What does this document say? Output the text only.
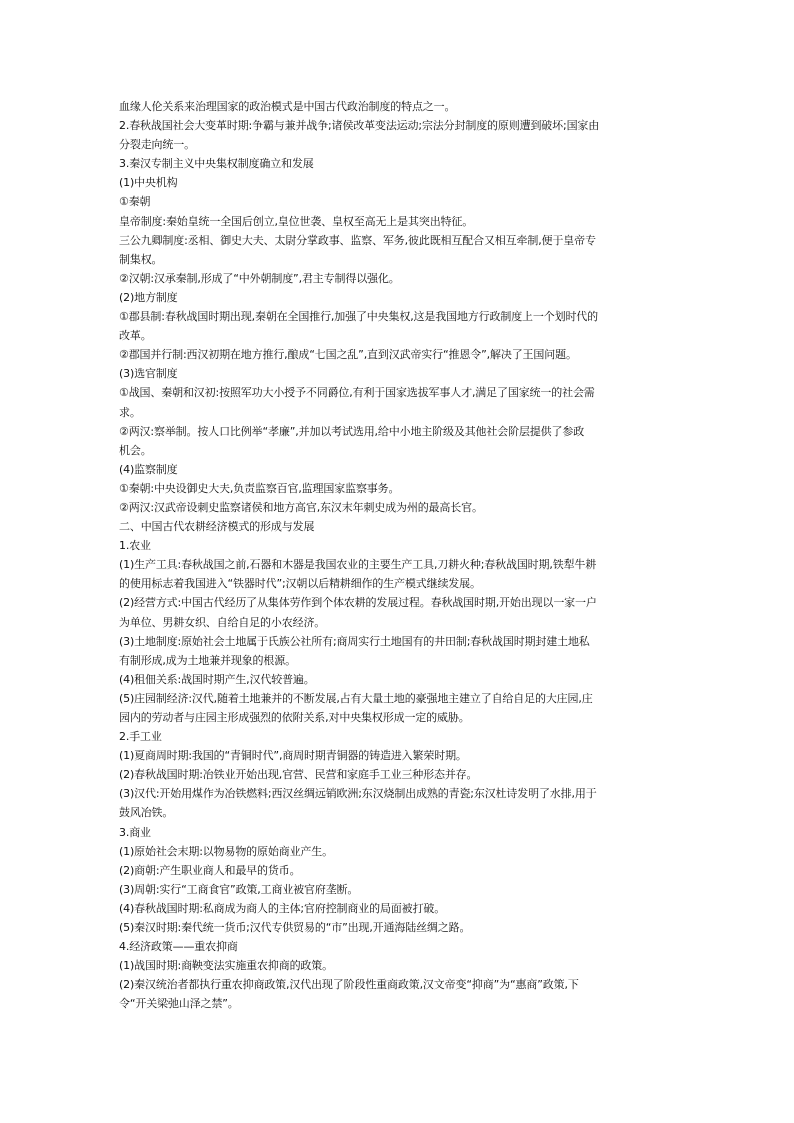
血缘人伦关系来治理国家的政治模式是中国古代政治制度的特点之一。
2.春秋战国社会大变革时期:争霸与兼并战争;诸侯改革变法运动;宗法分封制度的原则遭到破坏;国家由
分裂走向统一。
3.秦汉专制主义中央集权制度确立和发展
(1)中央机构
①秦朝
皇帝制度:秦始皇统一全国后创立,皇位世袭、皇权至高无上是其突出特征。
三公九卿制度:丞相、御史大夫、太尉分掌政事、监察、军务,彼此既相互配合又相互牵制,便于皇帝专
制集权。
②汉朝:汉承秦制,形成了“中外朝制度”,君主专制得以强化。
(2)地方制度
①郡县制:春秋战国时期出现,秦朝在全国推行,加强了中央集权,这是我国地方行政制度上一个划时代的
改革。
②郡国并行制:西汉初期在地方推行,酿成“七国之乱”,直到汉武帝实行“推恩令”,解决了王国问题。
(3)选官制度
①战国、秦朝和汉初:按照军功大小授予不同爵位,有利于国家选拔军事人才,满足了国家统一的社会需
求。
②两汉:察举制。按人口比例举“孝廉”,并加以考试选用,给中小地主阶级及其他社会阶层提供了参政
机会。
(4)监察制度
①秦朝:中央设御史大夫,负责监察百官,监理国家监察事务。
②两汉:汉武帝设刺史监察诸侯和地方高官,东汉末年刺史成为州的最高长官。
二、中国古代农耕经济模式的形成与发展
1.农业
(1)生产工具:春秋战国之前,石器和木器是我国农业的主要生产工具,刀耕火种;春秋战国时期,铁犁牛耕
的使用标志着我国进入“铁器时代”;汉朝以后精耕细作的生产模式继续发展。
(2)经营方式:中国古代经历了从集体劳作到个体农耕的发展过程。春秋战国时期,开始出现以一家一户
为单位、男耕女织、自给自足的小农经济。
(3)土地制度:原始社会土地属于氏族公社所有;商周实行土地国有的井田制;春秋战国时期封建土地私
有制形成,成为土地兼并现象的根源。
(4)租佃关系:战国时期产生,汉代较普遍。
(5)庄园制经济:汉代,随着土地兼并的不断发展,占有大量土地的豪强地主建立了自给自足的大庄园,庄
园内的劳动者与庄园主形成强烈的依附关系,对中央集权形成一定的威胁。
2.手工业
(1)夏商周时期:我国的“青铜时代”,商周时期青铜器的铸造进入繁荣时期。
(2)春秋战国时期:冶铁业开始出现,官营、民营和家庭手工业三种形态并存。
(3)汉代:开始用煤作为冶铁燃料;西汉丝绸远销欧洲;东汉烧制出成熟的青瓷;东汉杜诗发明了水排,用于
鼓风冶铁。
3.商业
(1)原始社会末期:以物易物的原始商业产生。
(2)商朝:产生职业商人和最早的货币。
(3)周朝:实行“工商食官”政策,工商业被官府垄断。
(4)春秋战国时期:私商成为商人的主体;官府控制商业的局面被打破。
(5)秦汉时期:秦代统一货币;汉代专供贸易的“市”出现,开通海陆丝绸之路。
4.经济政策——重农抑商
(1)战国时期:商鞅变法实施重农抑商的政策。
(2)秦汉统治者都执行重农抑商政策,汉代出现了阶段性重商政策,汉文帝变“抑商”为“惠商”政策,下
令“开关梁弛山泽之禁”。
